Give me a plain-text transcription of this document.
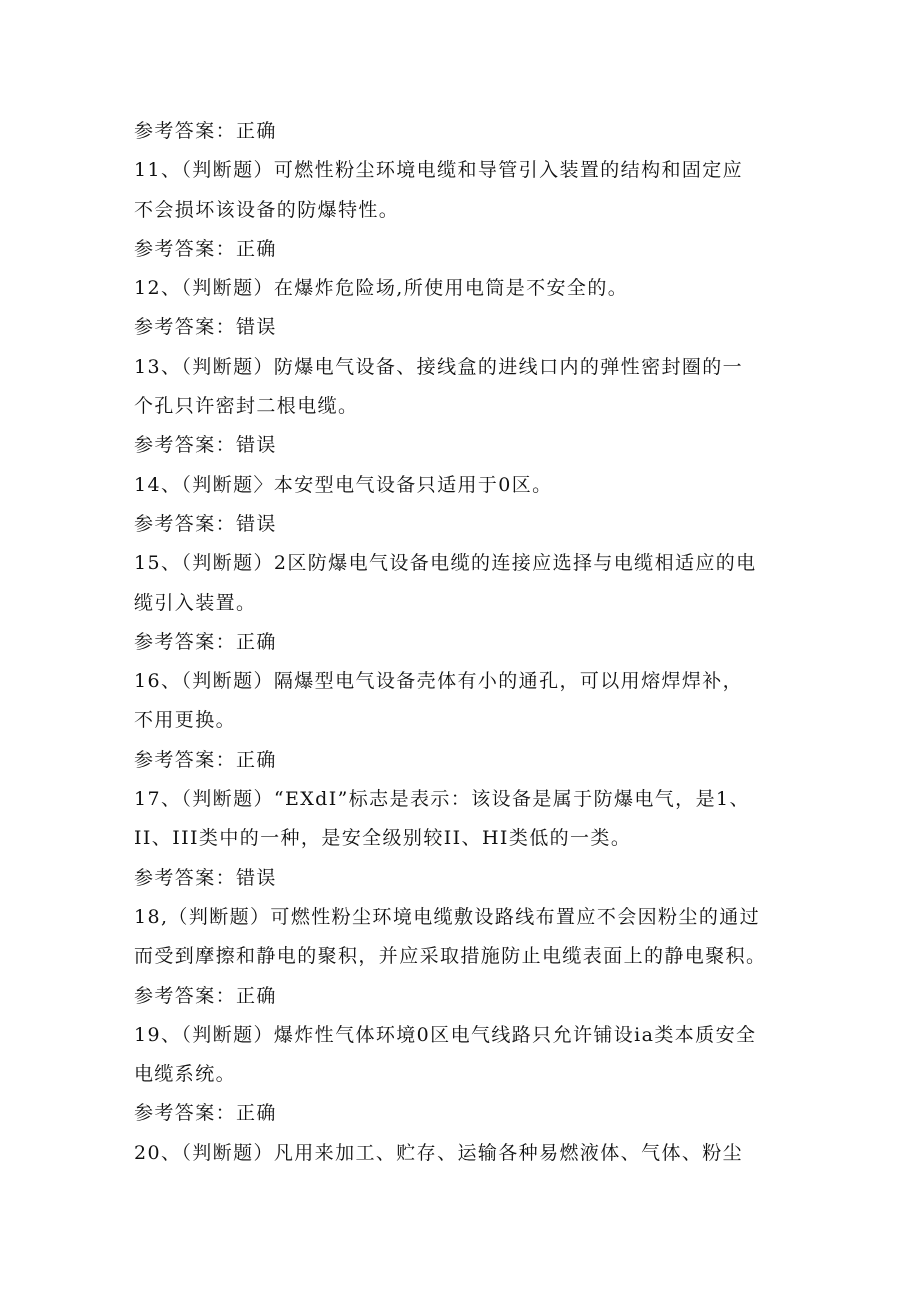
参考答案：正确
11、（判断题）可燃性粉尘环境电缆和导管引入装置的结构和固定应
不会损坏该设备的防爆特性。
参考答案：正确
12、（判断题）在爆炸危险场,所使用电筒是不安全的。
参考答案：错误
13、（判断题）防爆电气设备、接线盒的进线口内的弹性密封圈的一
个孔只许密封二根电缆。
参考答案：错误
14、（判断题〉本安型电气设备只适用于0区。
参考答案：错误
15、（判断题）2区防爆电气设备电缆的连接应选择与电缆相适应的电
缆引入装置。
参考答案：正确
16、（判断题）隔爆型电气设备壳体有小的通孔，可以用熔焊焊补，
不用更换。
参考答案：正确
17、（判断题）“EXdI”标志是表示：该设备是属于防爆电气，是1、
II、III类中的一种，是安全级别较II、HI类低的一类。
参考答案：错误
18,（判断题）可燃性粉尘环境电缆敷设路线布置应不会因粉尘的通过
而受到摩擦和静电的聚积，并应采取措施防止电缆表面上的静电聚积。
参考答案：正确
19、（判断题）爆炸性气体环境0区电气线路只允许铺设ia类本质安全
电缆系统。
参考答案：正确
20、（判断题）凡用来加工、贮存、运输各种易燃液体、气体、粉尘
